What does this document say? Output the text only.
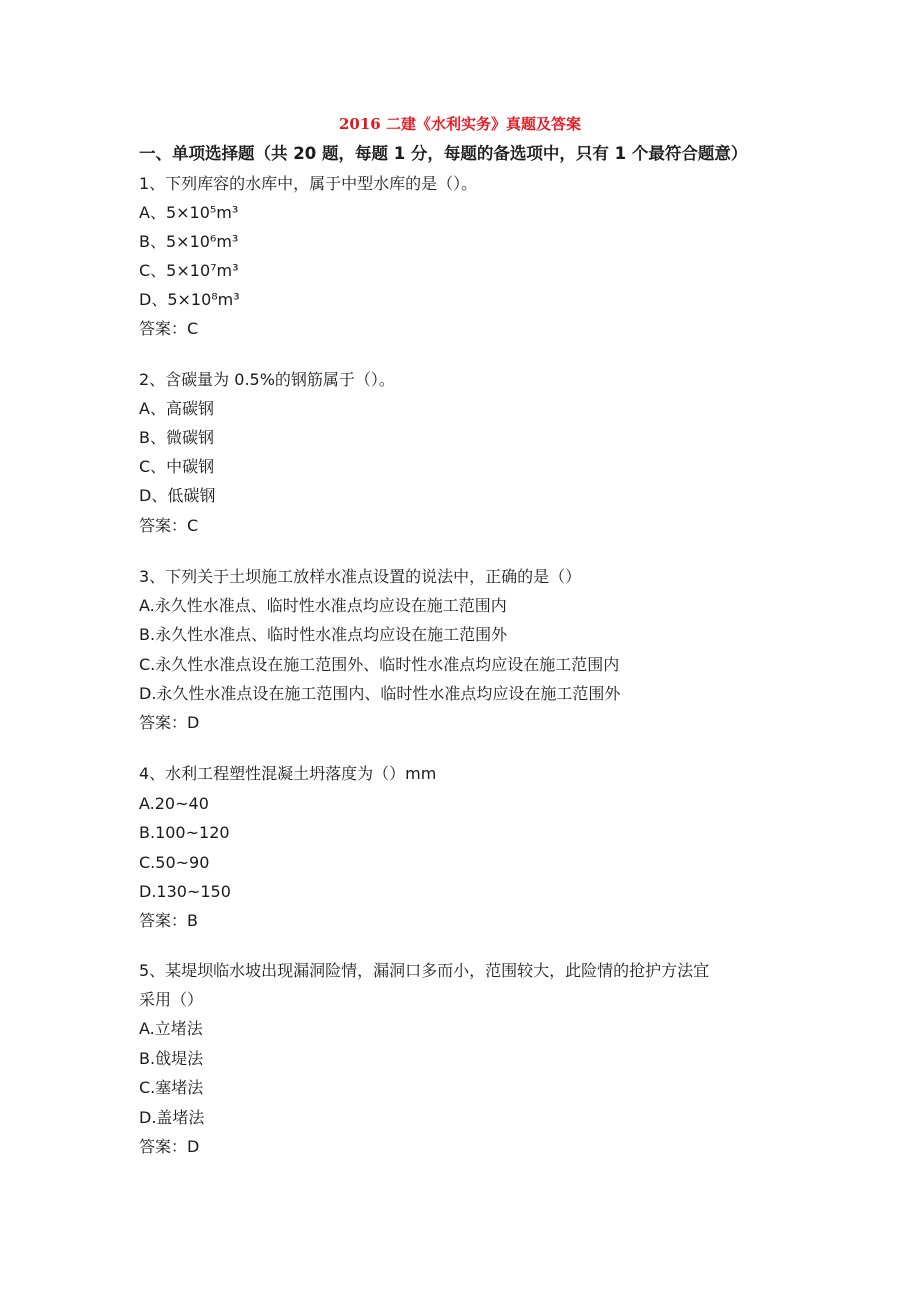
2016 二建《水利实务》真题及答案
一、单项选择题（共 20 题，每题 1 分，每题的备选项中，只有 1 个最符合题意）
1、下列库容的水库中，属于中型水库的是（）。
A、5×10⁵m³
B、5×10⁶m³
C、5×10⁷m³
D、5×10⁸m³
答案：C
2、含碳量为 0.5%的钢筋属于（）。
A、高碳钢
B、微碳钢
C、中碳钢
D、低碳钢
答案：C
3、下列关于土坝施工放样水准点设置的说法中，正确的是（）
A.永久性水准点、临时性水准点均应设在施工范围内
B.永久性水准点、临时性水准点均应设在施工范围外
C.永久性水准点设在施工范围外、临时性水准点均应设在施工范围内
D.永久性水准点设在施工范围内、临时性水准点均应设在施工范围外
答案：D
4、水利工程塑性混凝土坍落度为（）mm
A.20~40
B.100~120
C.50~90
D.130~150
答案：B
5、某堤坝临水坡出现漏洞险情，漏洞口多而小，范围较大，此险情的抢护方法宜
采用（）
A.立堵法
B.戗堤法
C.塞堵法
D.盖堵法
答案：D
